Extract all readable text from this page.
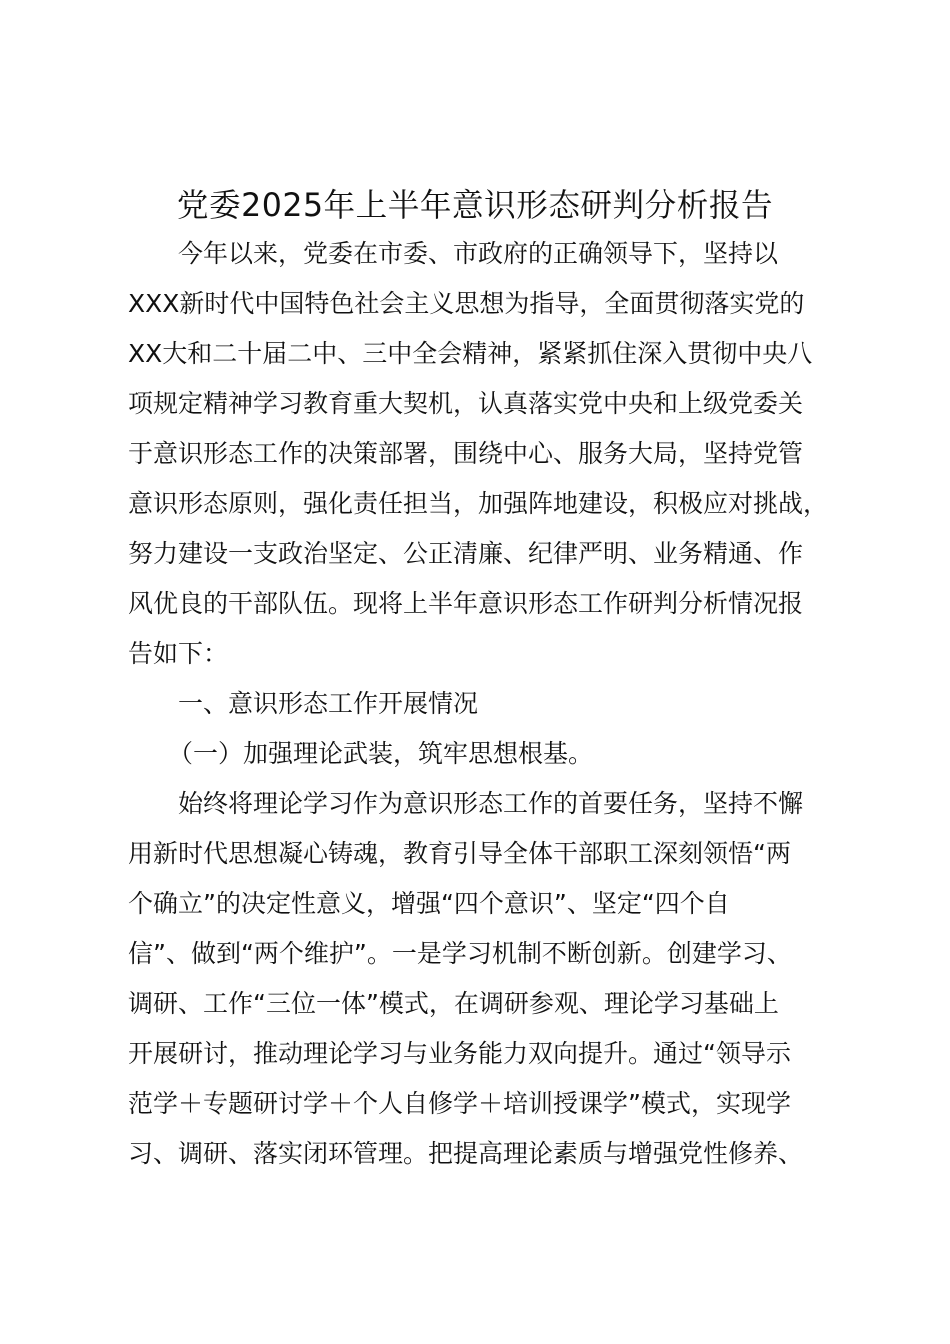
党委2025年上半年意识形态研判分析报告
今年以来，党委在市委、市政府的正确领导下，坚持以
XXX新时代中国特色社会主义思想为指导，全面贯彻落实党的
XX大和二十届二中、三中全会精神，紧紧抓住深入贯彻中央八
项规定精神学习教育重大契机，认真落实党中央和上级党委关
于意识形态工作的决策部署，围绕中心、服务大局，坚持党管
意识形态原则，强化责任担当，加强阵地建设，积极应对挑战，
努力建设一支政治坚定、公正清廉、纪律严明、业务精通、作
风优良的干部队伍。现将上半年意识形态工作研判分析情况报
告如下：
一、意识形态工作开展情况
（一）加强理论武装，筑牢思想根基。
始终将理论学习作为意识形态工作的首要任务，坚持不懈
用新时代思想凝心铸魂，教育引导全体干部职工深刻领悟“两
个确立”的决定性意义，增强“四个意识”、坚定“四个自
信”、做到“两个维护”。一是学习机制不断创新。创建学习、
调研、工作“三位一体”模式，在调研参观、理论学习基础上
开展研讨，推动理论学习与业务能力双向提升。通过“领导示
范学＋专题研讨学＋个人自修学＋培训授课学”模式，实现学
习、调研、落实闭环管理。把提高理论素质与增强党性修养、
